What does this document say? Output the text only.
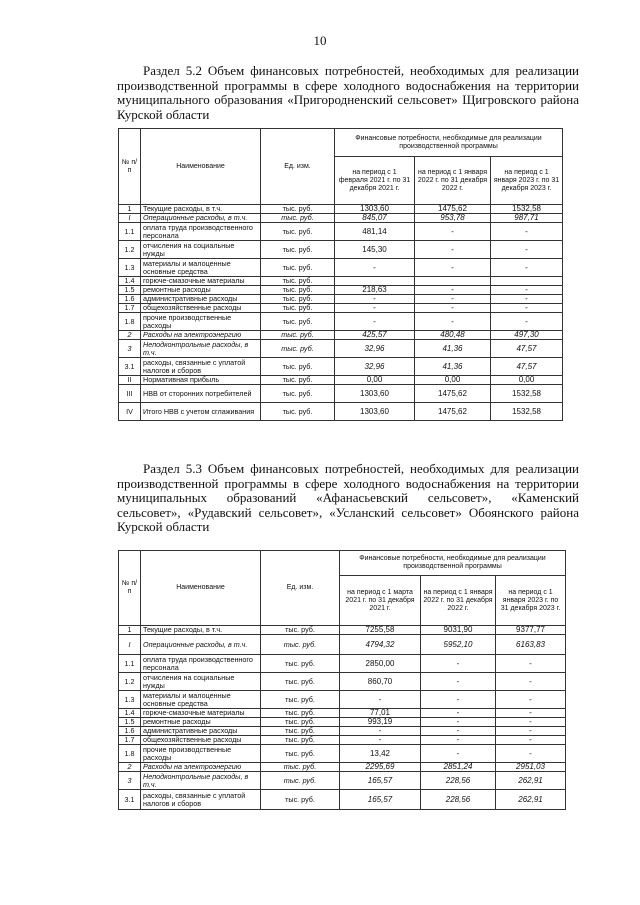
10

Раздел 5.2 Объем финансовых потребностей, необходимых для реализации производственной программы в сфере холодного водоснабжения на территории муниципального образования «Пригородненский сельсовет» Щигровского района Курской области

№ п/п	Наименование	Ед. изм.	Финансовые потребности, необходимые для реализации производственной программы		
			на период с 1 февраля 2021 г. по 31 декабря 2021 г.	на период с 1 января 2022 г. по 31 декабря 2022 г.	на период с 1 января 2023 г. по 31 декабря 2023 г.
1	Текущие расходы, в т.ч.	тыс. руб.	1303,60	1475,62	1532,58
I	Операционные расходы, в т.ч.	тыс. руб.	845,07	953,78	987,71
1.1	оплата труда производственного персонала	тыс. руб.	481,14	-	-
1.2	отчисления на социальные нужды	тыс. руб.	145,30	-	-
1.3	материалы и малоценные основные средства	тыс. руб.	-	-	-
1.4	горюче-смазочные материалы	тыс. руб.			
1.5	ремонтные расходы	тыс. руб.	218,63	-	-
1.6	административные расходы	тыс. руб.	-	-	-
1.7	общехозяйственные расходы	тыс. руб.	-	-	-
1.8	прочие производственные расходы	тыс. руб.	-	-	-
2	Расходы на электроэнергию	тыс. руб.	425,57	480,48	497,30
3	Неподконтрольные расходы, в т.ч.	тыс. руб.	32,96	41,36	47,57
3.1	расходы, связанные с уплатой налогов и сборов	тыс. руб.	32,96	41,36	47,57
II	Нормативная прибыль	тыс. руб.	0,00	0,00	0,00
III	НВВ от сторонних потребителей	тыс. руб.	1303,60	1475,62	1532,58
IV	Итого НВВ с учетом сглаживания	тыс. руб.	1303,60	1475,62	1532,58

Раздел 5.3 Объем финансовых потребностей, необходимых для реализации производственной программы в сфере холодного водоснабжения на территории муниципальных образований «Афанасьевский сельсовет», «Каменский сельсовет», «Рудавский сельсовет», «Усланский сельсовет» Обоянского района Курской области

№ п/п	Наименование	Ед. изм.	Финансовые потребности, необходимые для реализации производственной программы		
			на период с 1 марта 2021 г. по 31 декабря 2021 г.	на период с 1 января 2022 г. по 31 декабря 2022 г.	на период с 1 января 2023 г. по 31 декабря 2023 г.
1	Текущие расходы, в т.ч.	тыс. руб.	7255,58	9031,90	9377,77
I	Операционные расходы, в т.ч.	тыс. руб.	4794,32	5952,10	6163,83
1.1	оплата труда производственного персонала	тыс. руб.	2850,00	-	-
1.2	отчисления на социальные нужды	тыс. руб.	860,70	-	-
1.3	материалы и малоценные основные средства	тыс. руб.	-	-	-
1.4	горюче-смазочные материалы	тыс. руб.	77,01	-	-
1.5	ремонтные расходы	тыс. руб.	993,19	-	-
1.6	административные расходы	тыс. руб.	-	-	-
1.7	общехозяйственные расходы	тыс. руб.	-	-	-
1.8	прочие производственные расходы	тыс. руб.	13,42	-	-
2	Расходы на электроэнергию	тыс. руб.	2295,69	2851,24	2951,03
3	Неподконтрольные расходы, в т.ч.	тыс. руб.	165,57	228,56	262,91
3.1	расходы, связанные с уплатой налогов и сборов	тыс. руб.	165,57	228,56	262,91
